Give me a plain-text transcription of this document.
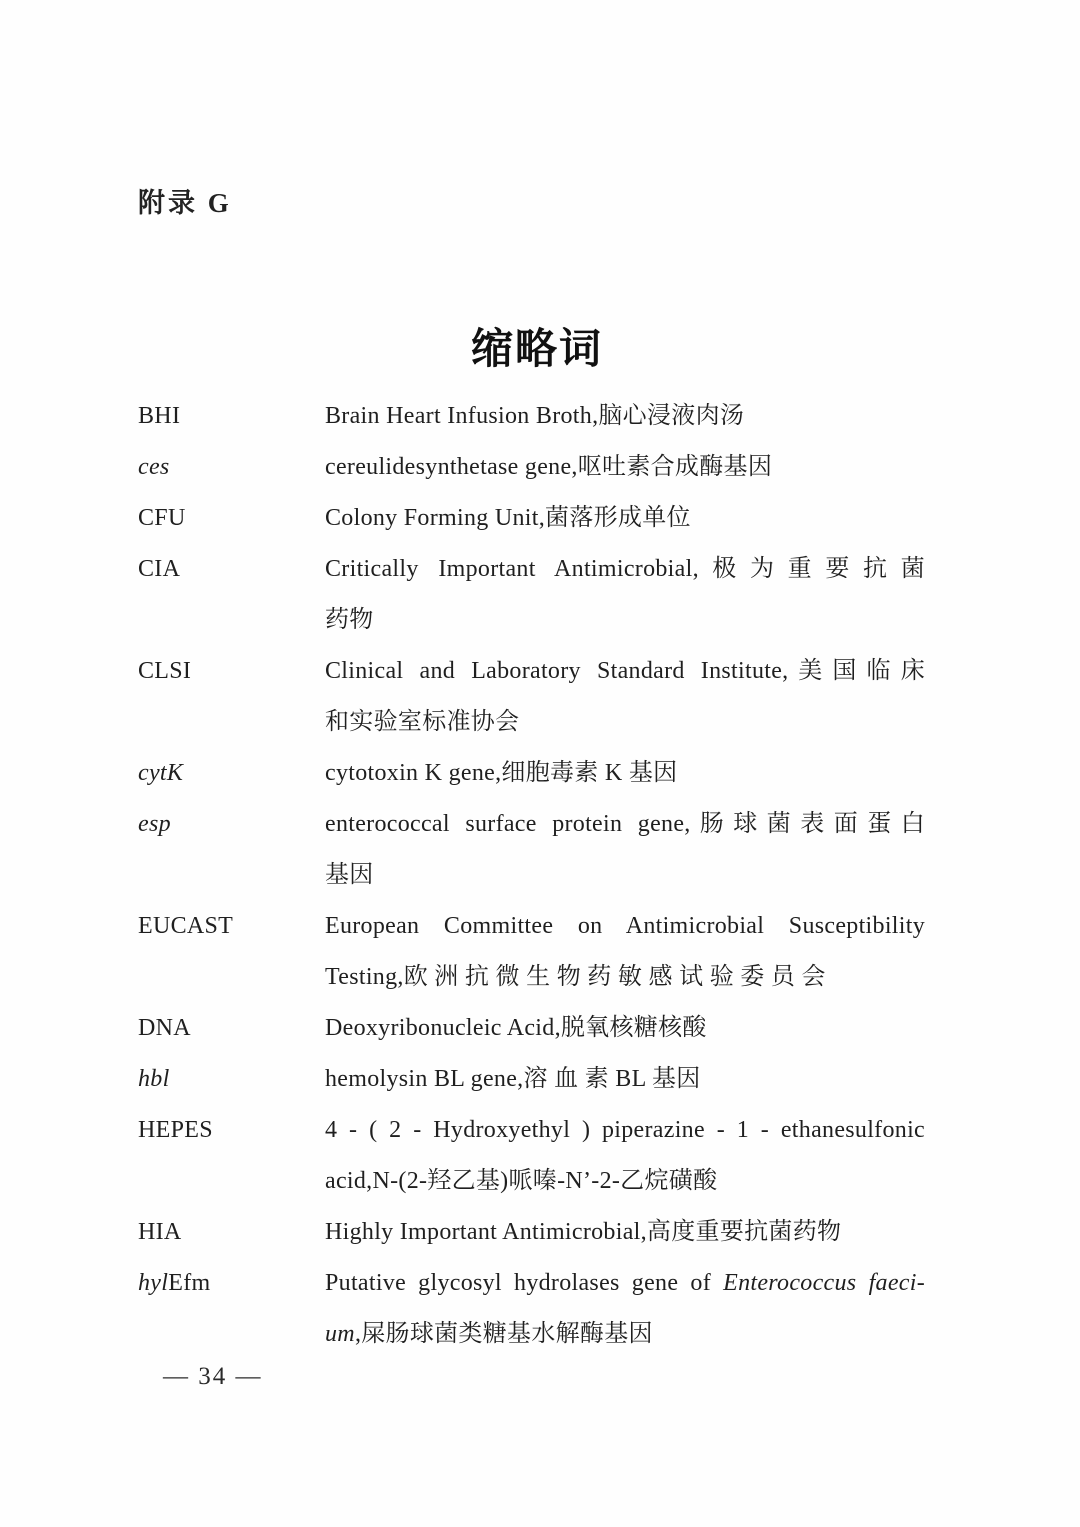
附录 G
缩略词
BHI	Brain Heart Infusion Broth,脑心浸液肉汤
ces	cereulidesynthetase gene,呕吐素合成酶基因
CFU	Colony Forming Unit,菌落形成单位
CIA	Critically Important Antimicrobial,极为重要抗菌
药物
CLSI	Clinical and Laboratory Standard Institute,美国临床
和实验室标准协会
cytK	cytotoxin K gene,细胞毒素 K 基因
esp	enterococcal surface protein gene,肠球菌表面蛋白
基因
EUCAST	European Committee on Antimicrobial Susceptibility
Testing,欧 洲 抗 微 生 物 药 敏 感 试 验 委 员 会
DNA	Deoxyribonucleic Acid,脱氧核糖核酸
hbl	hemolysin BL gene,溶 血 素 BL 基因
HEPES	4 - ( 2 - Hydroxyethyl ) piperazine - 1 - ethanesulfonic
acid,N-(2-羟乙基)哌嗪-N’-2-乙烷磺酸
HIA	Highly Important Antimicrobial,高度重要抗菌药物
hylEfm	Putative glycosyl hydrolases gene of Enterococcus faeci-
um,屎肠球菌类糖基水解酶基因
— 34 —
